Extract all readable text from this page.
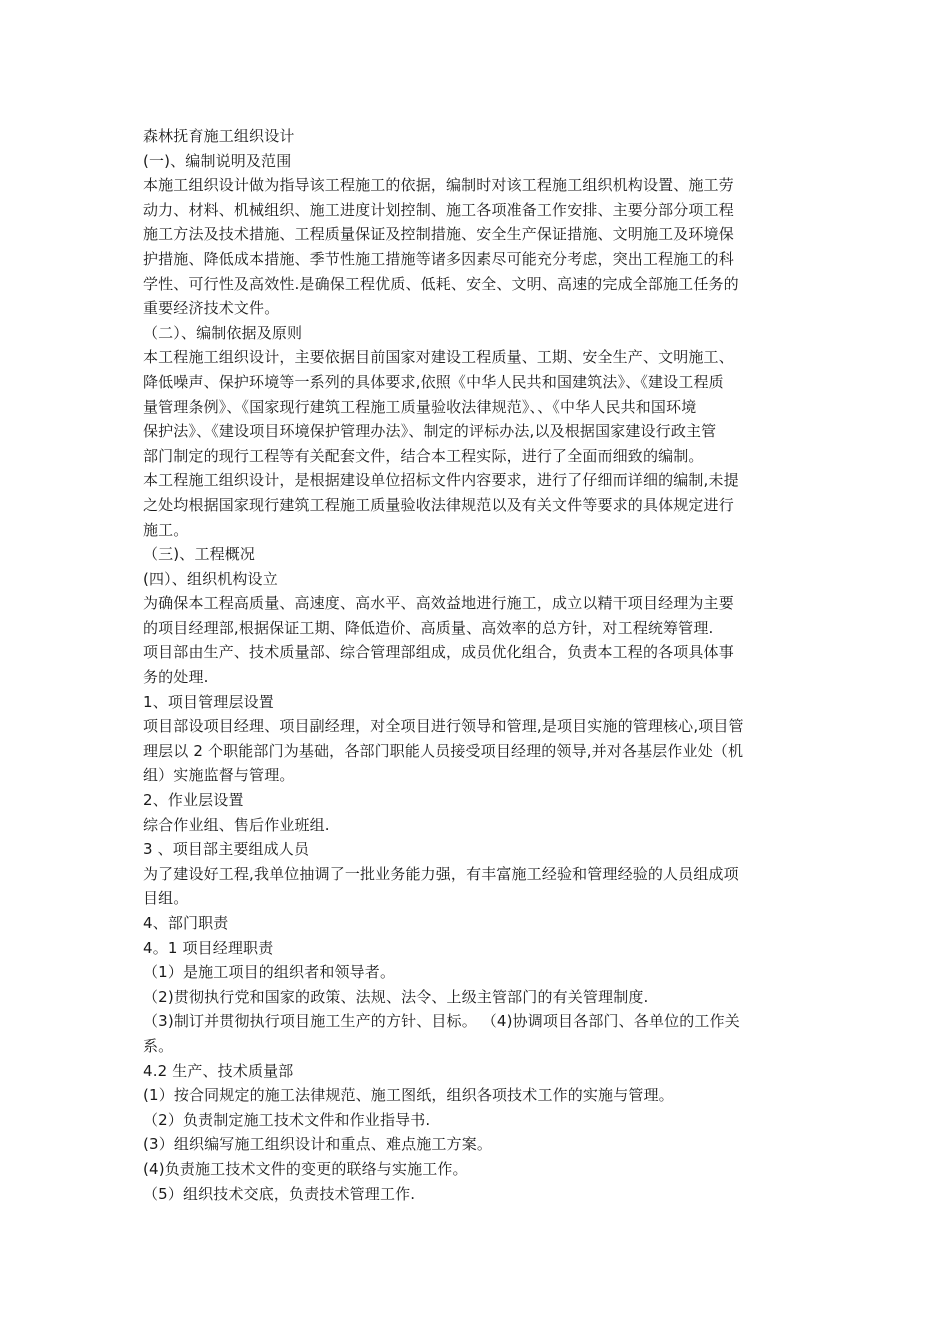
森林抚育施工组织设计
(一)、编制说明及范围
本施工组织设计做为指导该工程施工的依据，编制时对该工程施工组织机构设置、施工劳
动力、材料、机械组织、施工进度计划控制、施工各项准备工作安排、主要分部分项工程
施工方法及技术措施、工程质量保证及控制措施、安全生产保证措施、文明施工及环境保
护措施、降低成本措施、季节性施工措施等诸多因素尽可能充分考虑，突出工程施工的科
学性、可行性及高效性.是确保工程优质、低耗、安全、文明、高速的完成全部施工任务的
重要经济技术文件。
（二）、编制依据及原则
本工程施工组织设计，主要依据目前国家对建设工程质量、工期、安全生产、文明施工、
降低噪声、保护环境等一系列的具体要求,依照《中华人民共和国建筑法》、《建设工程质
量管理条例》、《国家现行建筑工程施工质量验收法律规范》、、《中华人民共和国环境
保护法》、《建设项目环境保护管理办法》、制定的评标办法,以及根据国家建设行政主管
部门制定的现行工程等有关配套文件，结合本工程实际，进行了全面而细致的编制。
本工程施工组织设计，是根据建设单位招标文件内容要求，进行了仔细而详细的编制,未提
之处均根据国家现行建筑工程施工质量验收法律规范以及有关文件等要求的具体规定进行
施工。
（三)、工程概况
(四）、组织机构设立
为确保本工程高质量、高速度、高水平、高效益地进行施工，成立以精干项目经理为主要
的项目经理部,根据保证工期、降低造价、高质量、高效率的总方针，对工程统筹管理.
项目部由生产、技术质量部、综合管理部组成，成员优化组合，负责本工程的各项具体事
务的处理.
1、项目管理层设置
项目部设项目经理、项目副经理，对全项目进行领导和管理,是项目实施的管理核心,项目管
理层以 2 个职能部门为基础，各部门职能人员接受项目经理的领导,并对各基层作业处（机
组）实施监督与管理。
2、作业层设置
综合作业组、售后作业班组.
3 、项目部主要组成人员
为了建设好工程,我单位抽调了一批业务能力强，有丰富施工经验和管理经验的人员组成项
目组。
4、部门职责
4。1 项目经理职责
（1）是施工项目的组织者和领导者。
（2)贯彻执行党和国家的政策、法规、法令、上级主管部门的有关管理制度.
（3)制订并贯彻执行项目施工生产的方针、目标。 （4)协调项目各部门、各单位的工作关
系。
4.2 生产、技术质量部
(1）按合同规定的施工法律规范、施工图纸，组织各项技术工作的实施与管理。
（2）负责制定施工技术文件和作业指导书.
(3）组织编写施工组织设计和重点、难点施工方案。
(4)负责施工技术文件的变更的联络与实施工作。
（5）组织技术交底，负责技术管理工作.
